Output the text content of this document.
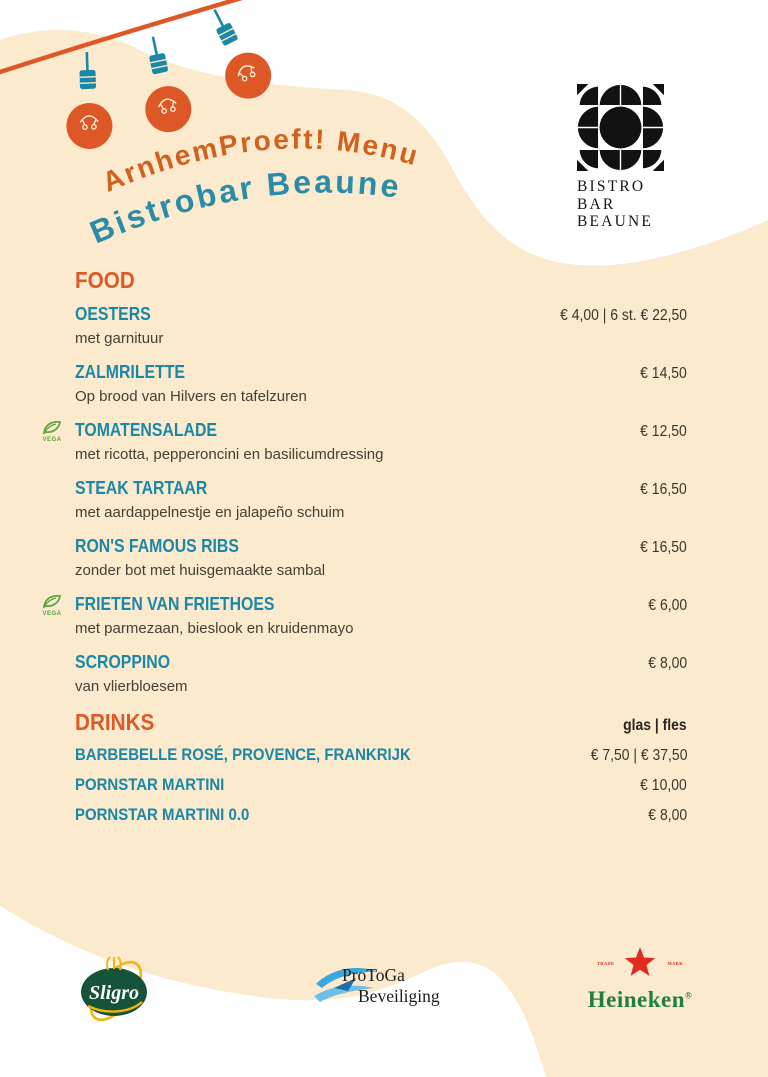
ArnhemProeft! Menu
Bistrobar Beaune	BISTRO
BAR
BEAUNE
FOOD
OESTERS	€ 4,00 | 6 st. € 22,50
met garnituur
ZALMRILETTE	€ 14,50
Op brood van Hilvers en tafelzuren
VEGA TOMATENSALADE	€ 12,50
met ricotta, pepperoncini en basilicumdressing
STEAK TARTAAR	€ 16,50
met aardappelnestje en jalapeño schuim
RON'S FAMOUS RIBS	€ 16,50
zonder bot met huisgemaakte sambal
VEGA FRIETEN VAN FRIETHOES	€ 6,00
met parmezaan, bieslook en kruidenmayo
SCROPPINO	€ 8,00
van vlierbloesem
DRINKS	glas | fles
BARBEBELLE ROSÉ, PROVENCE, FRANKRIJK	€ 7,50 | € 37,50
PORNSTAR MARTINI	€ 10,00
PORNSTAR MARTINI 0.0	€ 8,00
Sligro
ProToGa
Beveiliging
TRADE	MARK
Heineken®
